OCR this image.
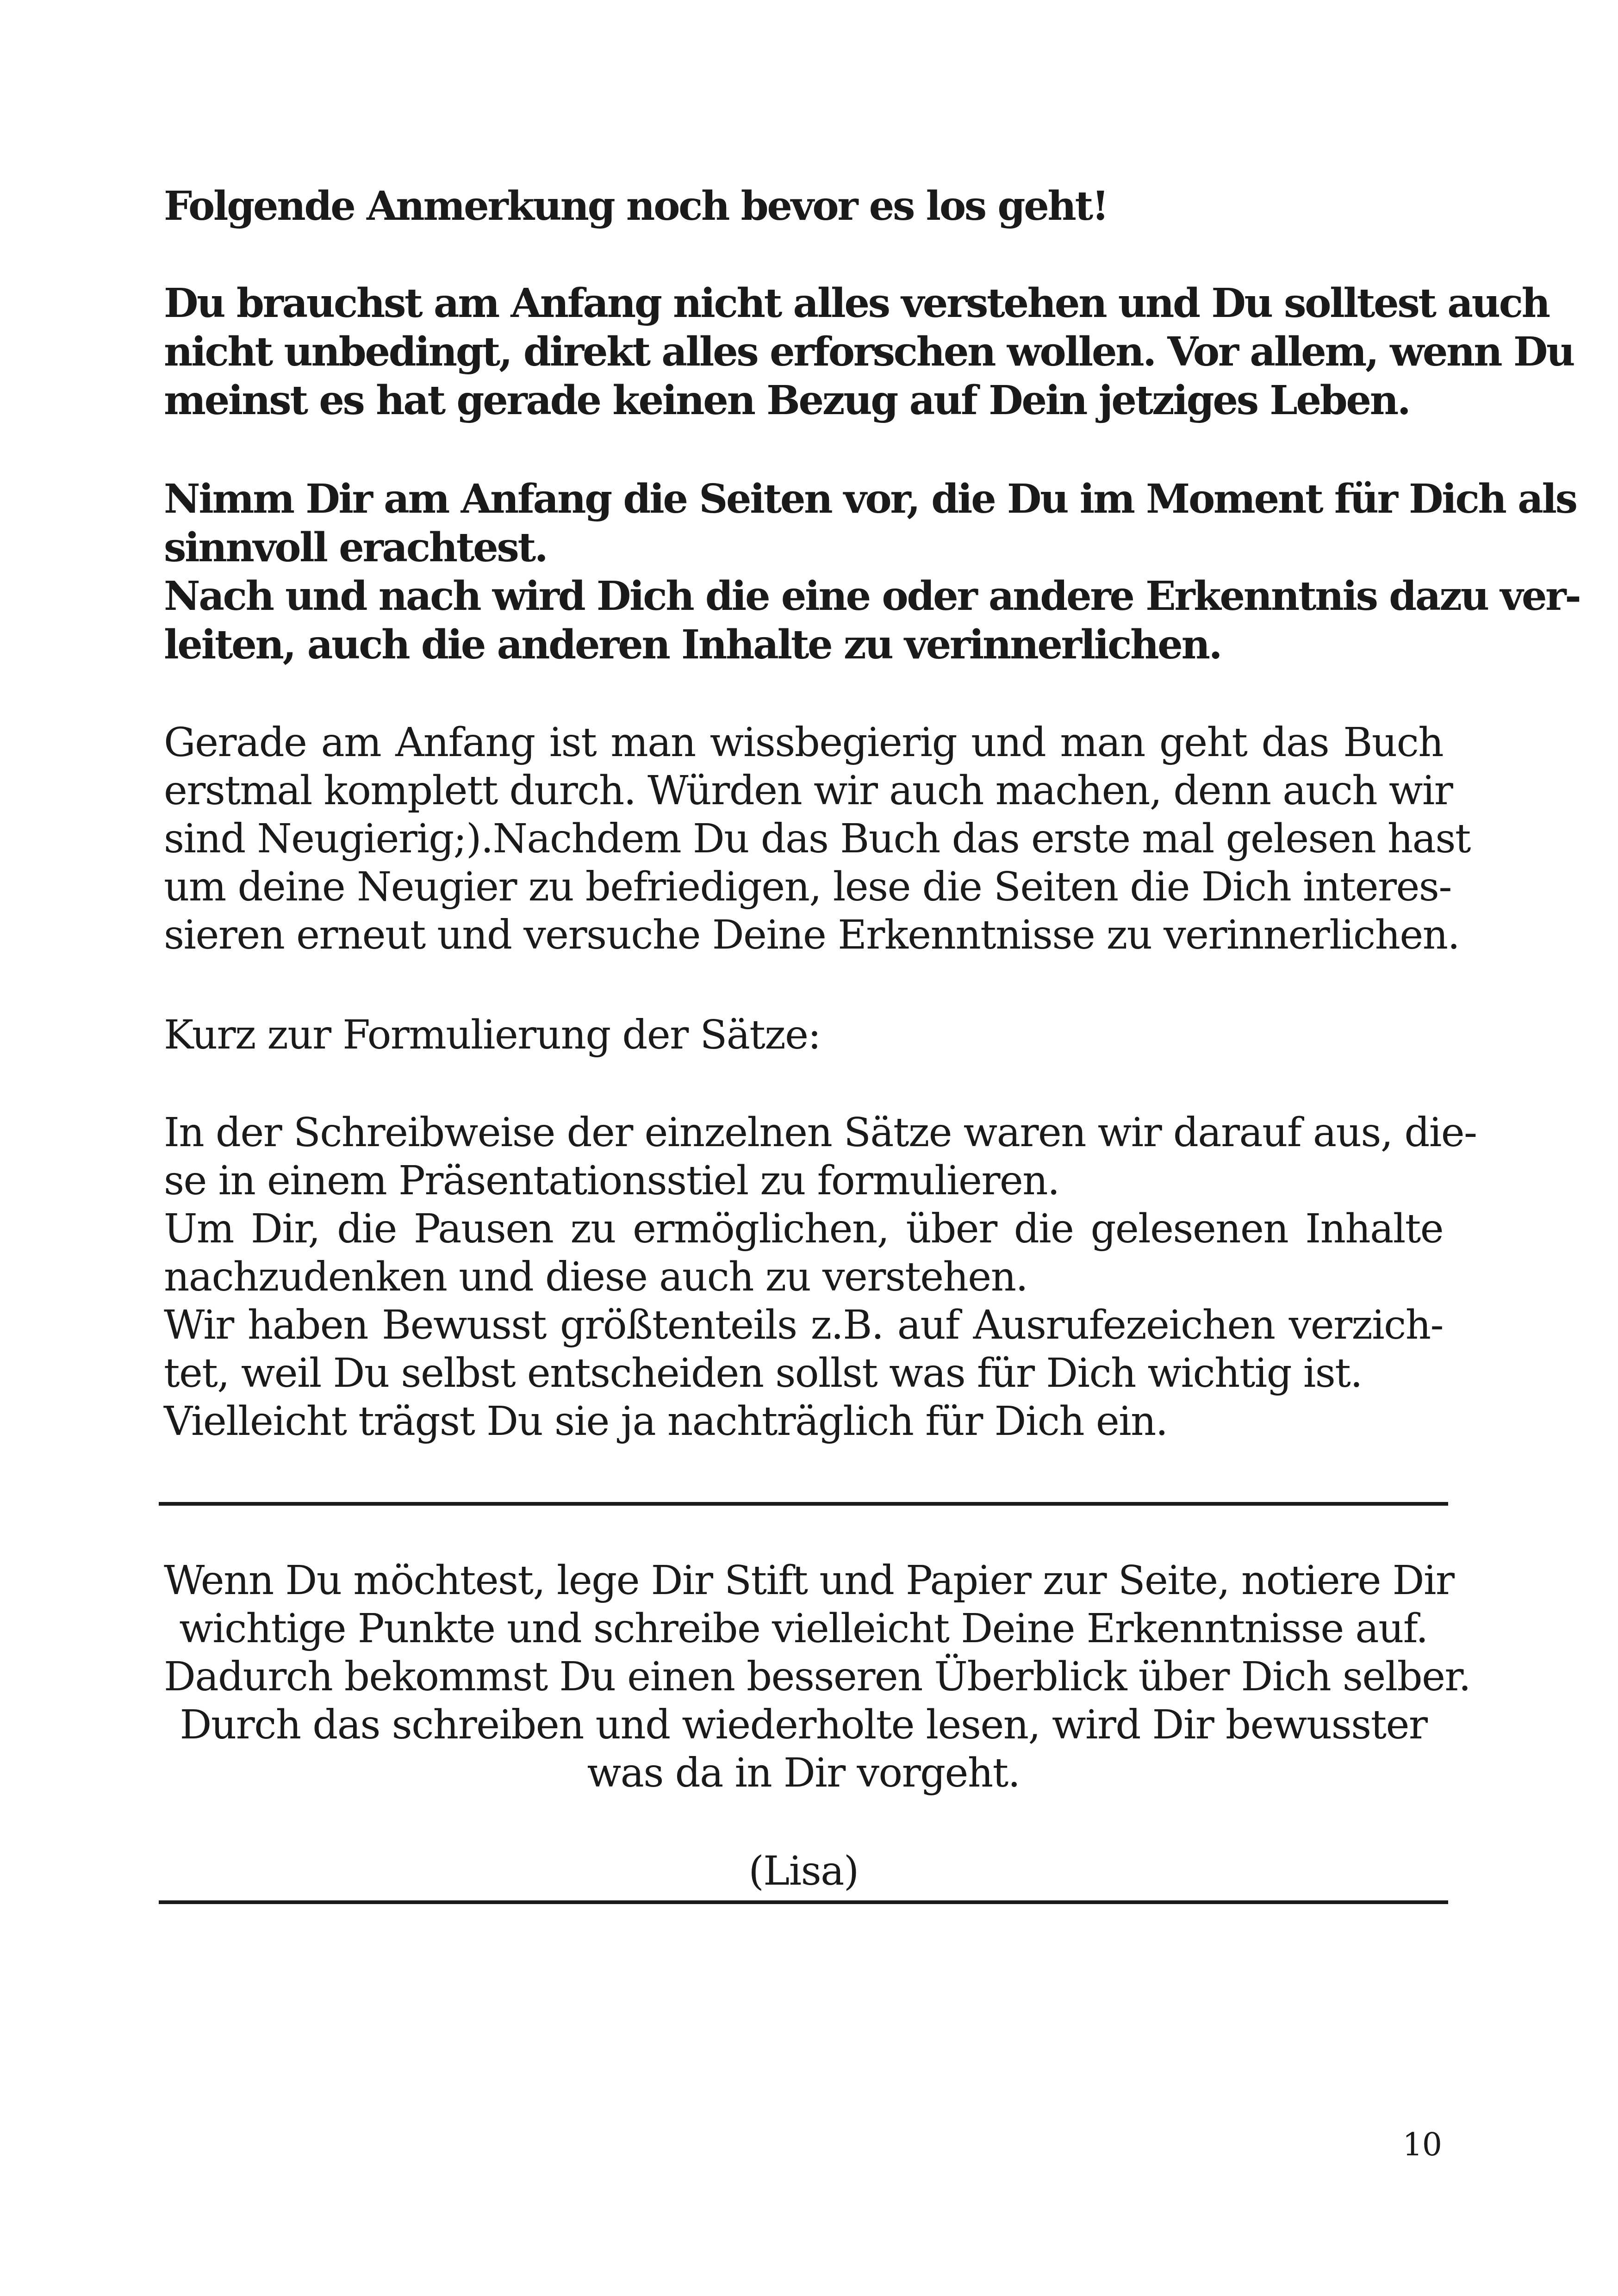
Folgende Anmerkung noch bevor es los geht!
Du brauchst am Anfang nicht alles verstehen und Du solltest auch
nicht unbedingt, direkt alles erforschen wollen. Vor allem, wenn Du
meinst es hat gerade keinen Bezug auf Dein jetziges Leben.
Nimm Dir am Anfang die Seiten vor, die Du im Moment für Dich als
sinnvoll erachtest.
Nach und nach wird Dich die eine oder andere Erkenntnis dazu ver-
leiten, auch die anderen Inhalte zu verinnerlichen.
Gerade am Anfang ist man wissbegierig und man geht das Buch
erstmal komplett durch. Würden wir auch machen, denn auch wir
sind Neugierig;).Nachdem Du das Buch das erste mal gelesen hast
um deine Neugier zu befriedigen, lese die Seiten die Dich interes-
sieren erneut und versuche Deine Erkenntnisse zu verinnerlichen.
Kurz zur Formulierung der Sätze:
In der Schreibweise der einzelnen Sätze waren wir darauf aus, die-
se in einem Präsentationsstiel zu formulieren.
Um Dir, die Pausen zu ermöglichen, über die gelesenen Inhalte
nachzudenken und diese auch zu verstehen.
Wir haben Bewusst größtenteils z.B. auf Ausrufezeichen verzich-
tet, weil Du selbst entscheiden sollst was für Dich wichtig ist.
Vielleicht trägst Du sie ja nachträglich für Dich ein.
Wenn Du möchtest, lege Dir Stift und Papier zur Seite, notiere Dir
wichtige Punkte und schreibe vielleicht Deine Erkenntnisse auf.
Dadurch bekommst Du einen besseren Überblick über Dich selber.
Durch das schreiben und wiederholte lesen, wird Dir bewusster
was da in Dir vorgeht.
(Lisa)
10
